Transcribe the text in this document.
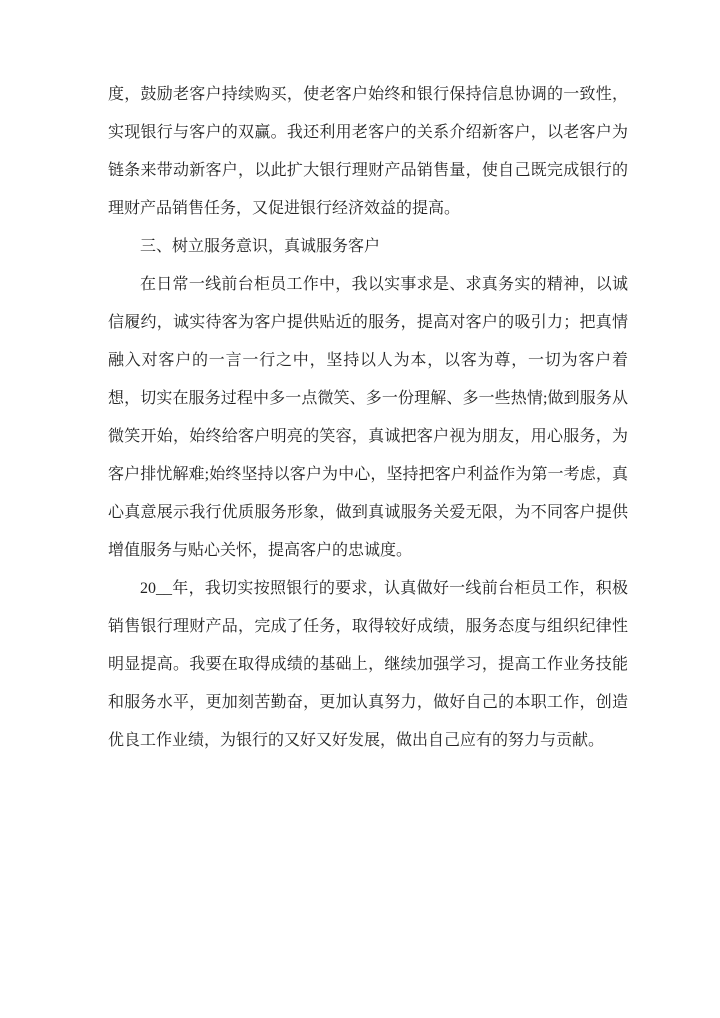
度，鼓励老客户持续购买，使老客户始终和银行保持信息协调的一致性，实现银行与客户的双赢。我还利用老客户的关系介绍新客户，以老客户为链条来带动新客户，以此扩大银行理财产品销售量，使自己既完成银行的理财产品销售任务，又促进银行经济效益的提高。

三、树立服务意识，真诚服务客户

在日常一线前台柜员工作中，我以实事求是、求真务实的精神，以诚信履约，诚实待客为客户提供贴近的服务，提高对客户的吸引力；把真情融入对客户的一言一行之中，坚持以人为本，以客为尊，一切为客户着想，切实在服务过程中多一点微笑、多一份理解、多一些热情;做到服务从微笑开始，始终给客户明亮的笑容，真诚把客户视为朋友，用心服务，为客户排忧解难;始终坚持以客户为中心，坚持把客户利益作为第一考虑，真心真意展示我行优质服务形象，做到真诚服务关爱无限，为不同客户提供增值服务与贴心关怀，提高客户的忠诚度。

20__年，我切实按照银行的要求，认真做好一线前台柜员工作，积极销售银行理财产品，完成了任务，取得较好成绩，服务态度与组织纪律性明显提高。我要在取得成绩的基础上，继续加强学习，提高工作业务技能和服务水平，更加刻苦勤奋，更加认真努力，做好自己的本职工作，创造优良工作业绩，为银行的又好又好发展，做出自己应有的努力与贡献。
